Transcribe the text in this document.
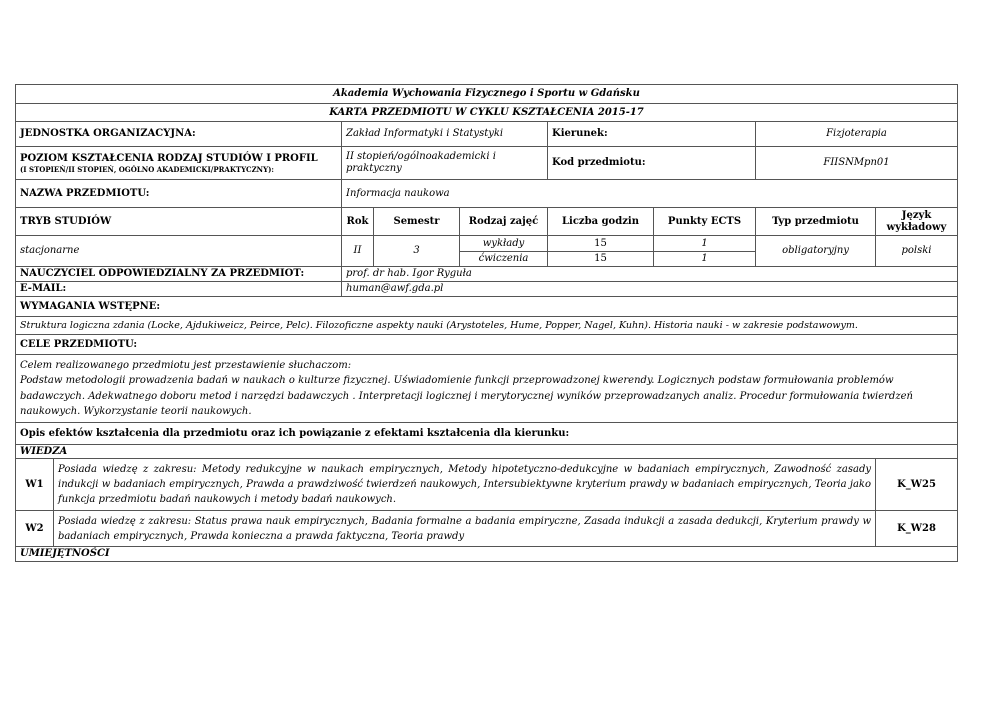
Akademia Wychowania Fizycznego i Sportu w Gdańsku								
KARTA PRZEDMIOTU W CYKLU KSZTAŁCENIA 2015-17								
JEDNOSTKA ORGANIZACYJNA:		Zakład Informatyki i Statystyki			Kierunek:		Fizjoterapia	
POZIOM KSZTAŁCENIA RODZAJ STUDIÓW I PROFIL
(I STOPIEŃ/II STOPIEŃ, OGÓLNO AKADEMICKI/PRAKTYCZNY):		II stopień/ogólnoakademicki i praktyczny			Kod przedmiotu:		FIISNMpn01	
NAZWA PRZEDMIOTU:		Informacja naukowa						
TRYB STUDIÓW		Rok	Semestr	Rodzaj zajęć	Liczba godzin	Punkty ECTS	Typ przedmiotu	Język wykładowy
stacjonarne		II	3	wykłady	15	1	obligatoryjny	polski
				ćwiczenia	15	1		
NAUCZYCIEL ODPOWIEDZIALNY ZA PRZEDMIOT:		prof. dr hab. Igor Ryguła						
E-MAIL:		human@awf.gda.pl						
WYMAGANIA WSTĘPNE:								
Struktura logiczna zdania (Locke, Ajdukiweicz, Peirce, Pelc). Filozoficzne aspekty nauki (Arystoteles, Hume, Popper, Nagel, Kuhn). Historia nauki - w zakresie podstawowym.								
CELE PRZEDMIOTU:								

Celem realizowanego przedmiotu jest przestawienie słuchaczom:
Podstaw metodologii prowadzenia badań w naukach o kulturze fizycznej. Uświadomienie funkcji przeprowadzonej kwerendy. Logicznych podstaw formułowania problemów badawczych. Adekwatnego doboru metod i narzędzi badawczych . Interpretacji logicznej i merytorycznej wyników przeprowadzanych analiz. Procedur formułowania twierdzeń naukowych. Wykorzystanie teorii naukowych.								

Opis efektów kształcenia dla przedmiotu oraz ich powiązanie z efektami kształcenia dla kierunku:								
WIEDZA								
W1	Posiada wiedzę z zakresu: Metody redukcyjne w naukach empirycznych, Metody hipotetyczno-dedukcyjne w badaniach empirycznych, Zawodność zasady indukcji w badaniach empirycznych, Prawda a prawdziwość twierdzeń naukowych, Intersubiektywne kryterium prawdy w badaniach empirycznych, Teoria jako funkcja przedmiotu badań naukowych i metody badań naukowych.							K_W25
W2	Posiada wiedzę z zakresu: Status prawa nauk empirycznych, Badania formalne a badania empiryczne, Zasada indukcji a zasada dedukcji, Kryterium prawdy w badaniach empirycznych, Prawda konieczna a prawda faktyczna, Teoria prawdy							K_W28
UMIEJĘTNOŚCI								
